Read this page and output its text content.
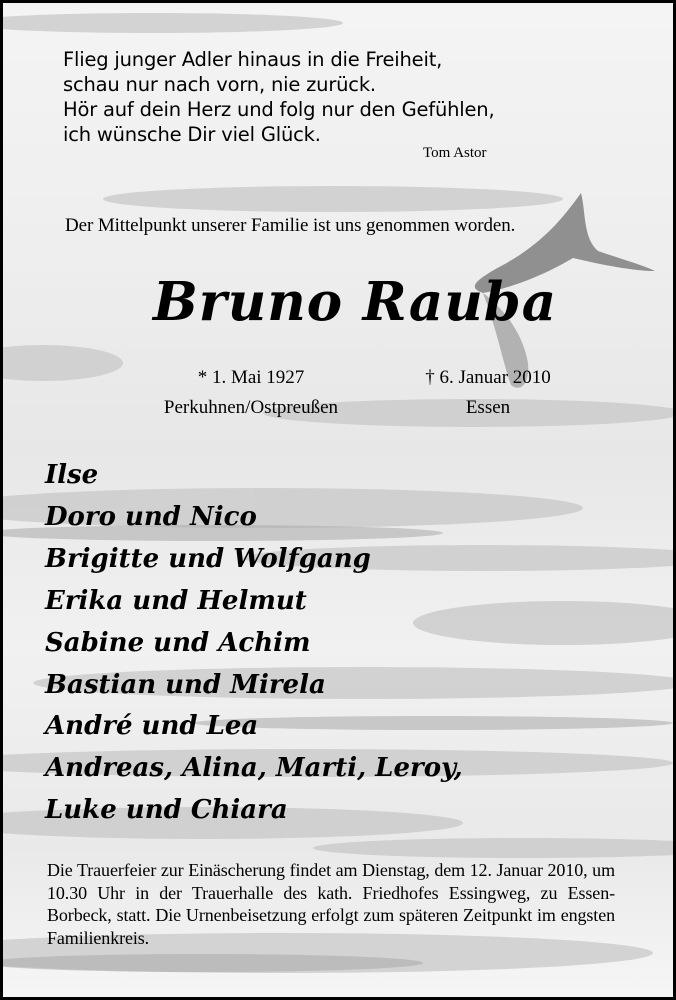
Flieg junger Adler hinaus in die Freiheit,
schau nur nach vorn, nie zurück.
Hör auf dein Herz und folg nur den Gefühlen,
ich wünsche Dir viel Glück.
Tom Astor
Der Mittelpunkt unserer Familie ist uns genommen worden.
Bruno Rauba
* 1. Mai 1927
Perkuhnen/Ostpreußen
† 6. Januar 2010
Essen
Ilse
Doro und Nico
Brigitte und Wolfgang
Erika und Helmut
Sabine und Achim
Bastian und Mirela
André und Lea
Andreas, Alina, Marti, Leroy,
Luke und Chiara
Die Trauerfeier zur Einäscherung findet am Dienstag, dem 12. Januar 2010, um 10.30 Uhr in der Trauerhalle des kath. Friedhofes Essingweg, zu Essen-Borbeck, statt. Die Urnenbeisetzung erfolgt zum späteren Zeitpunkt im engsten Familienkreis.
